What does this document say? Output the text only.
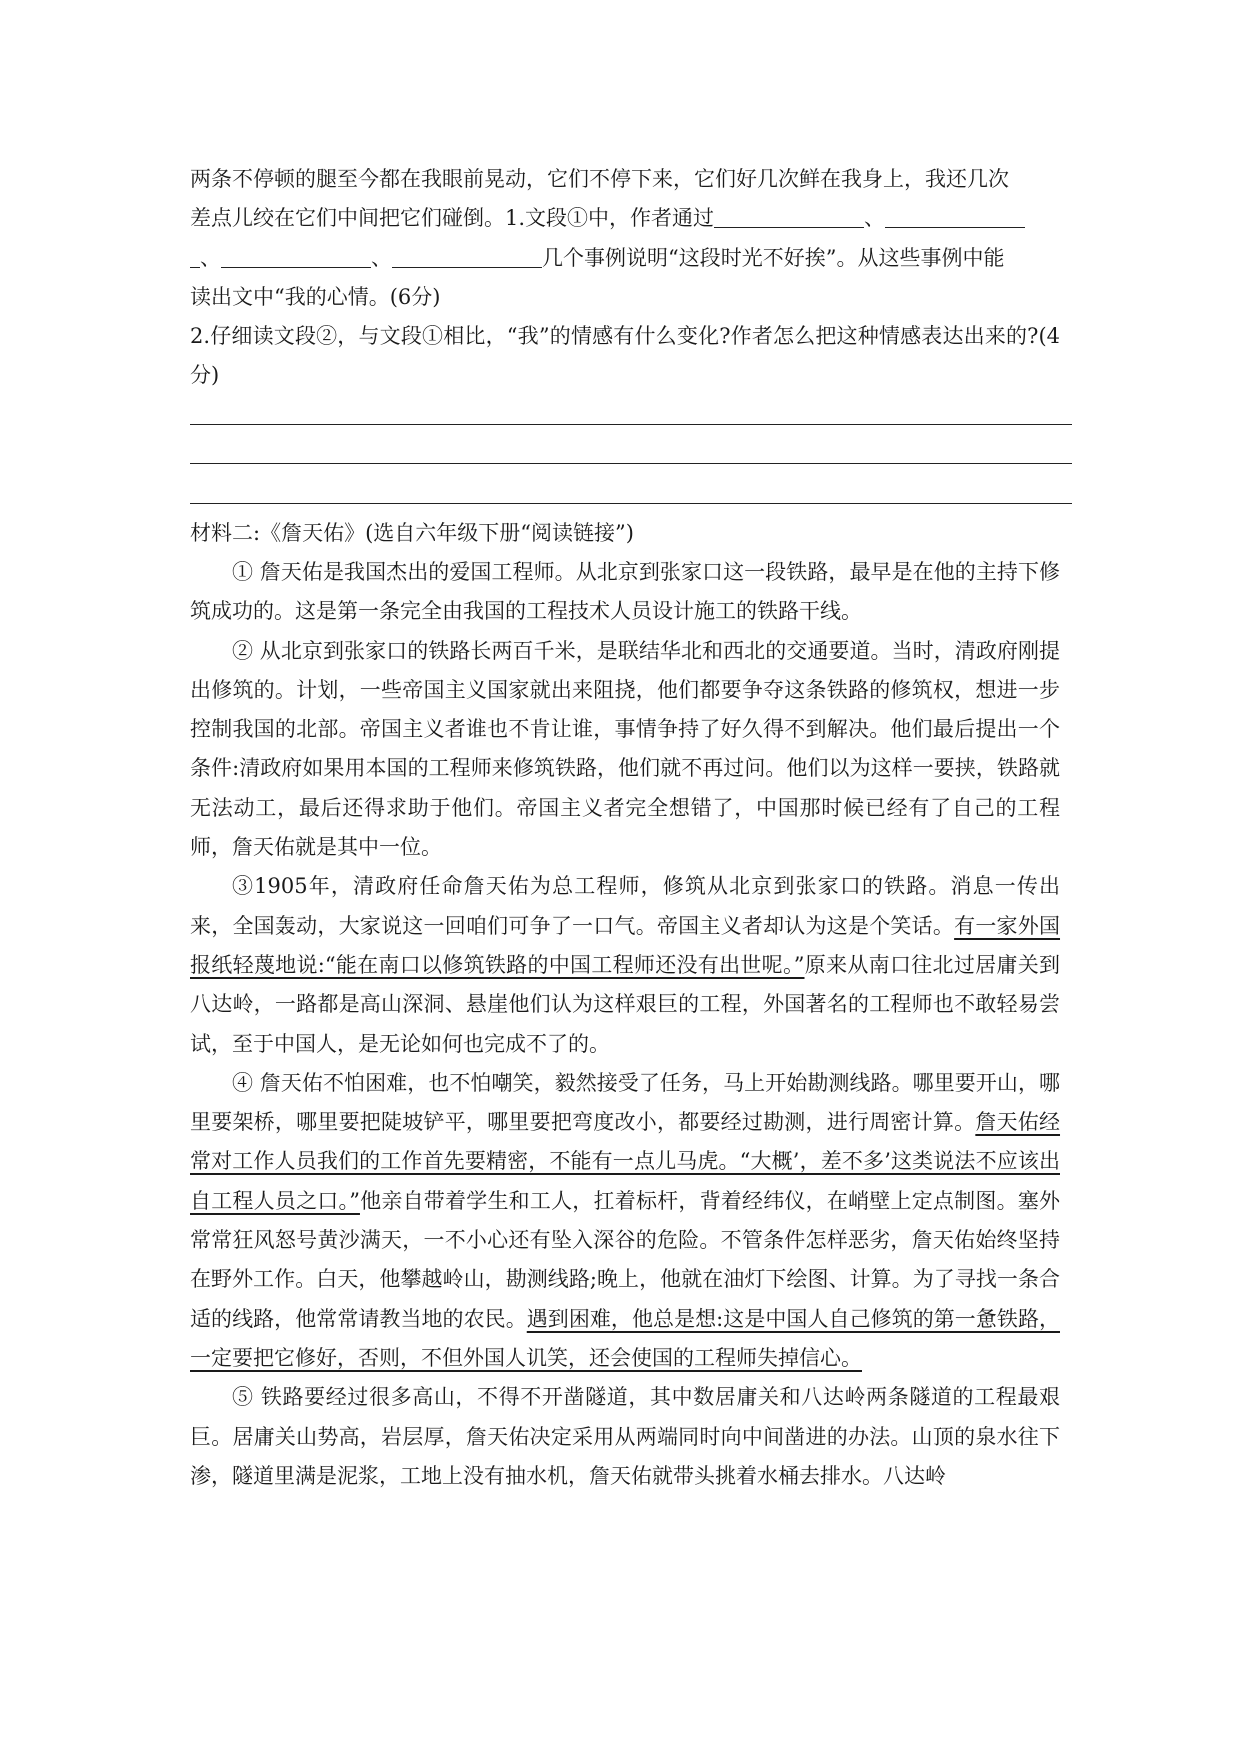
两条不停顿的腿至今都在我眼前晃动，它们不停下来，它们好几次鲜在我身上，我还几次

差点儿绞在它们中间把它们碰倒。1.文段①中，作者通过	、
、	、	几个事例说明“这段时光不好挨”。从这些事例中能

读出文中“我的心情。(6分)

2.仔细读文段②，与文段①相比，“我”的情感有什么变化?作者怎么把这种情感表达出来的?(4分)

材料二:《詹天佑》(选自六年级下册“阅读链接”)

① 詹天佑是我国杰出的爱国工程师。从北京到张家口这一段铁路，最早是在他的主持下修筑成功的。这是第一条完全由我国的工程技术人员设计施工的铁路干线。

② 从北京到张家口的铁路长两百千米，是联结华北和西北的交通要道。当时，清政府刚提出修筑的。计划，一些帝国主义国家就出来阻挠，他们都要争夺这条铁路的修筑权，想进一步控制我国的北部。帝国主义者谁也不肯让谁，事情争持了好久得不到解决。他们最后提出一个条件:清政府如果用本国的工程师来修筑铁路，他们就不再过问。他们以为这样一要挟，铁路就无法动工，最后还得求助于他们。帝国主义者完全想错了，中国那时候已经有了自己的工程师，詹天佑就是其中一位。

③1905年，清政府任命詹天佑为总工程师，修筑从北京到张家口的铁路。消息一传出来，全国轰动，大家说这一回咱们可争了一口气。帝国主义者却认为这是个笑话。有一家外国报纸轻蔑地说:“能在南口以修筑铁路的中国工程师还没有出世呢。”原来从南口往北过居庸关到八达岭，一路都是高山深洞、悬崖他们认为这样艰巨的工程，外国著名的工程师也不敢轻易尝试，至于中国人，是无论如何也完成不了的。

④ 詹天佑不怕困难，也不怕嘲笑，毅然接受了任务，马上开始勘测线路。哪里要开山，哪里要架桥，哪里要把陡坡铲平，哪里要把弯度改小，都要经过勘测，进行周密计算。詹天佑经常对工作人员我们的工作首先要精密，不能有一点儿马虎。“大概’，差不多’这类说法不应该出自工程人员之口。”他亲自带着学生和工人，扛着标杆，背着经纬仪，在峭壁上定点制图。塞外常常狂风怒号黄沙满天，一不小心还有坠入深谷的危险。不管条件怎样恶劣，詹天佑始终坚持在野外工作。白天，他攀越岭山，勘测线路;晚上，他就在油灯下绘图、计算。为了寻找一条合适的线路，他常常请教当地的农民。遇到困难，他总是想:这是中国人自己修筑的第一惫铁路，一定要把它修好，否则，不但外国人讥笑，还会使国的工程师失掉信心。

⑤ 铁路要经过很多高山，不得不开凿隧道，其中数居庸关和八达岭两条隧道的工程最艰巨。居庸关山势高，岩层厚，詹天佑决定采用从两端同时向中间凿进的办法。山顶的泉水往下渗，隧道里满是泥浆，工地上没有抽水机，詹天佑就带头挑着水桶去排水。八达岭
